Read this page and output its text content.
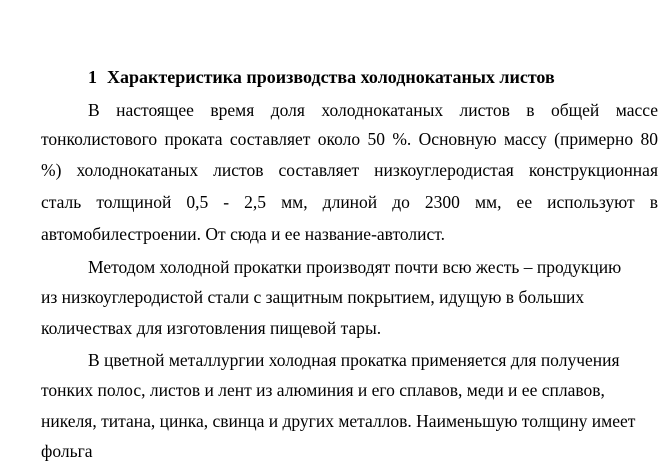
1 Характеристика производства холоднокатаных листов

В настоящее время доля холоднокатаных листов в общей массе

тонколистового проката составляет около 50 %. Основную массу (примерно 80

%) холоднокатаных листов составляет низкоуглеродистая конструкционная

сталь толщиной 0,5 - 2,5 мм, длиной до 2300 мм, ее используют в

автомобилестроении. От сюда и ее название-автолист.

Методом холодной прокатки производят почти всю жесть – продукцию

из низкоуглеродистой стали с защитным покрытием, идущую в больших

количествах для изготовления пищевой тары.

В цветной металлургии холодная прокатка применяется для получения

тонких полос, листов и лент из алюминия и его сплавов, меди и ее сплавов,

никеля, титана, цинка, свинца и других металлов. Наименьшую толщину имеет

фольга
